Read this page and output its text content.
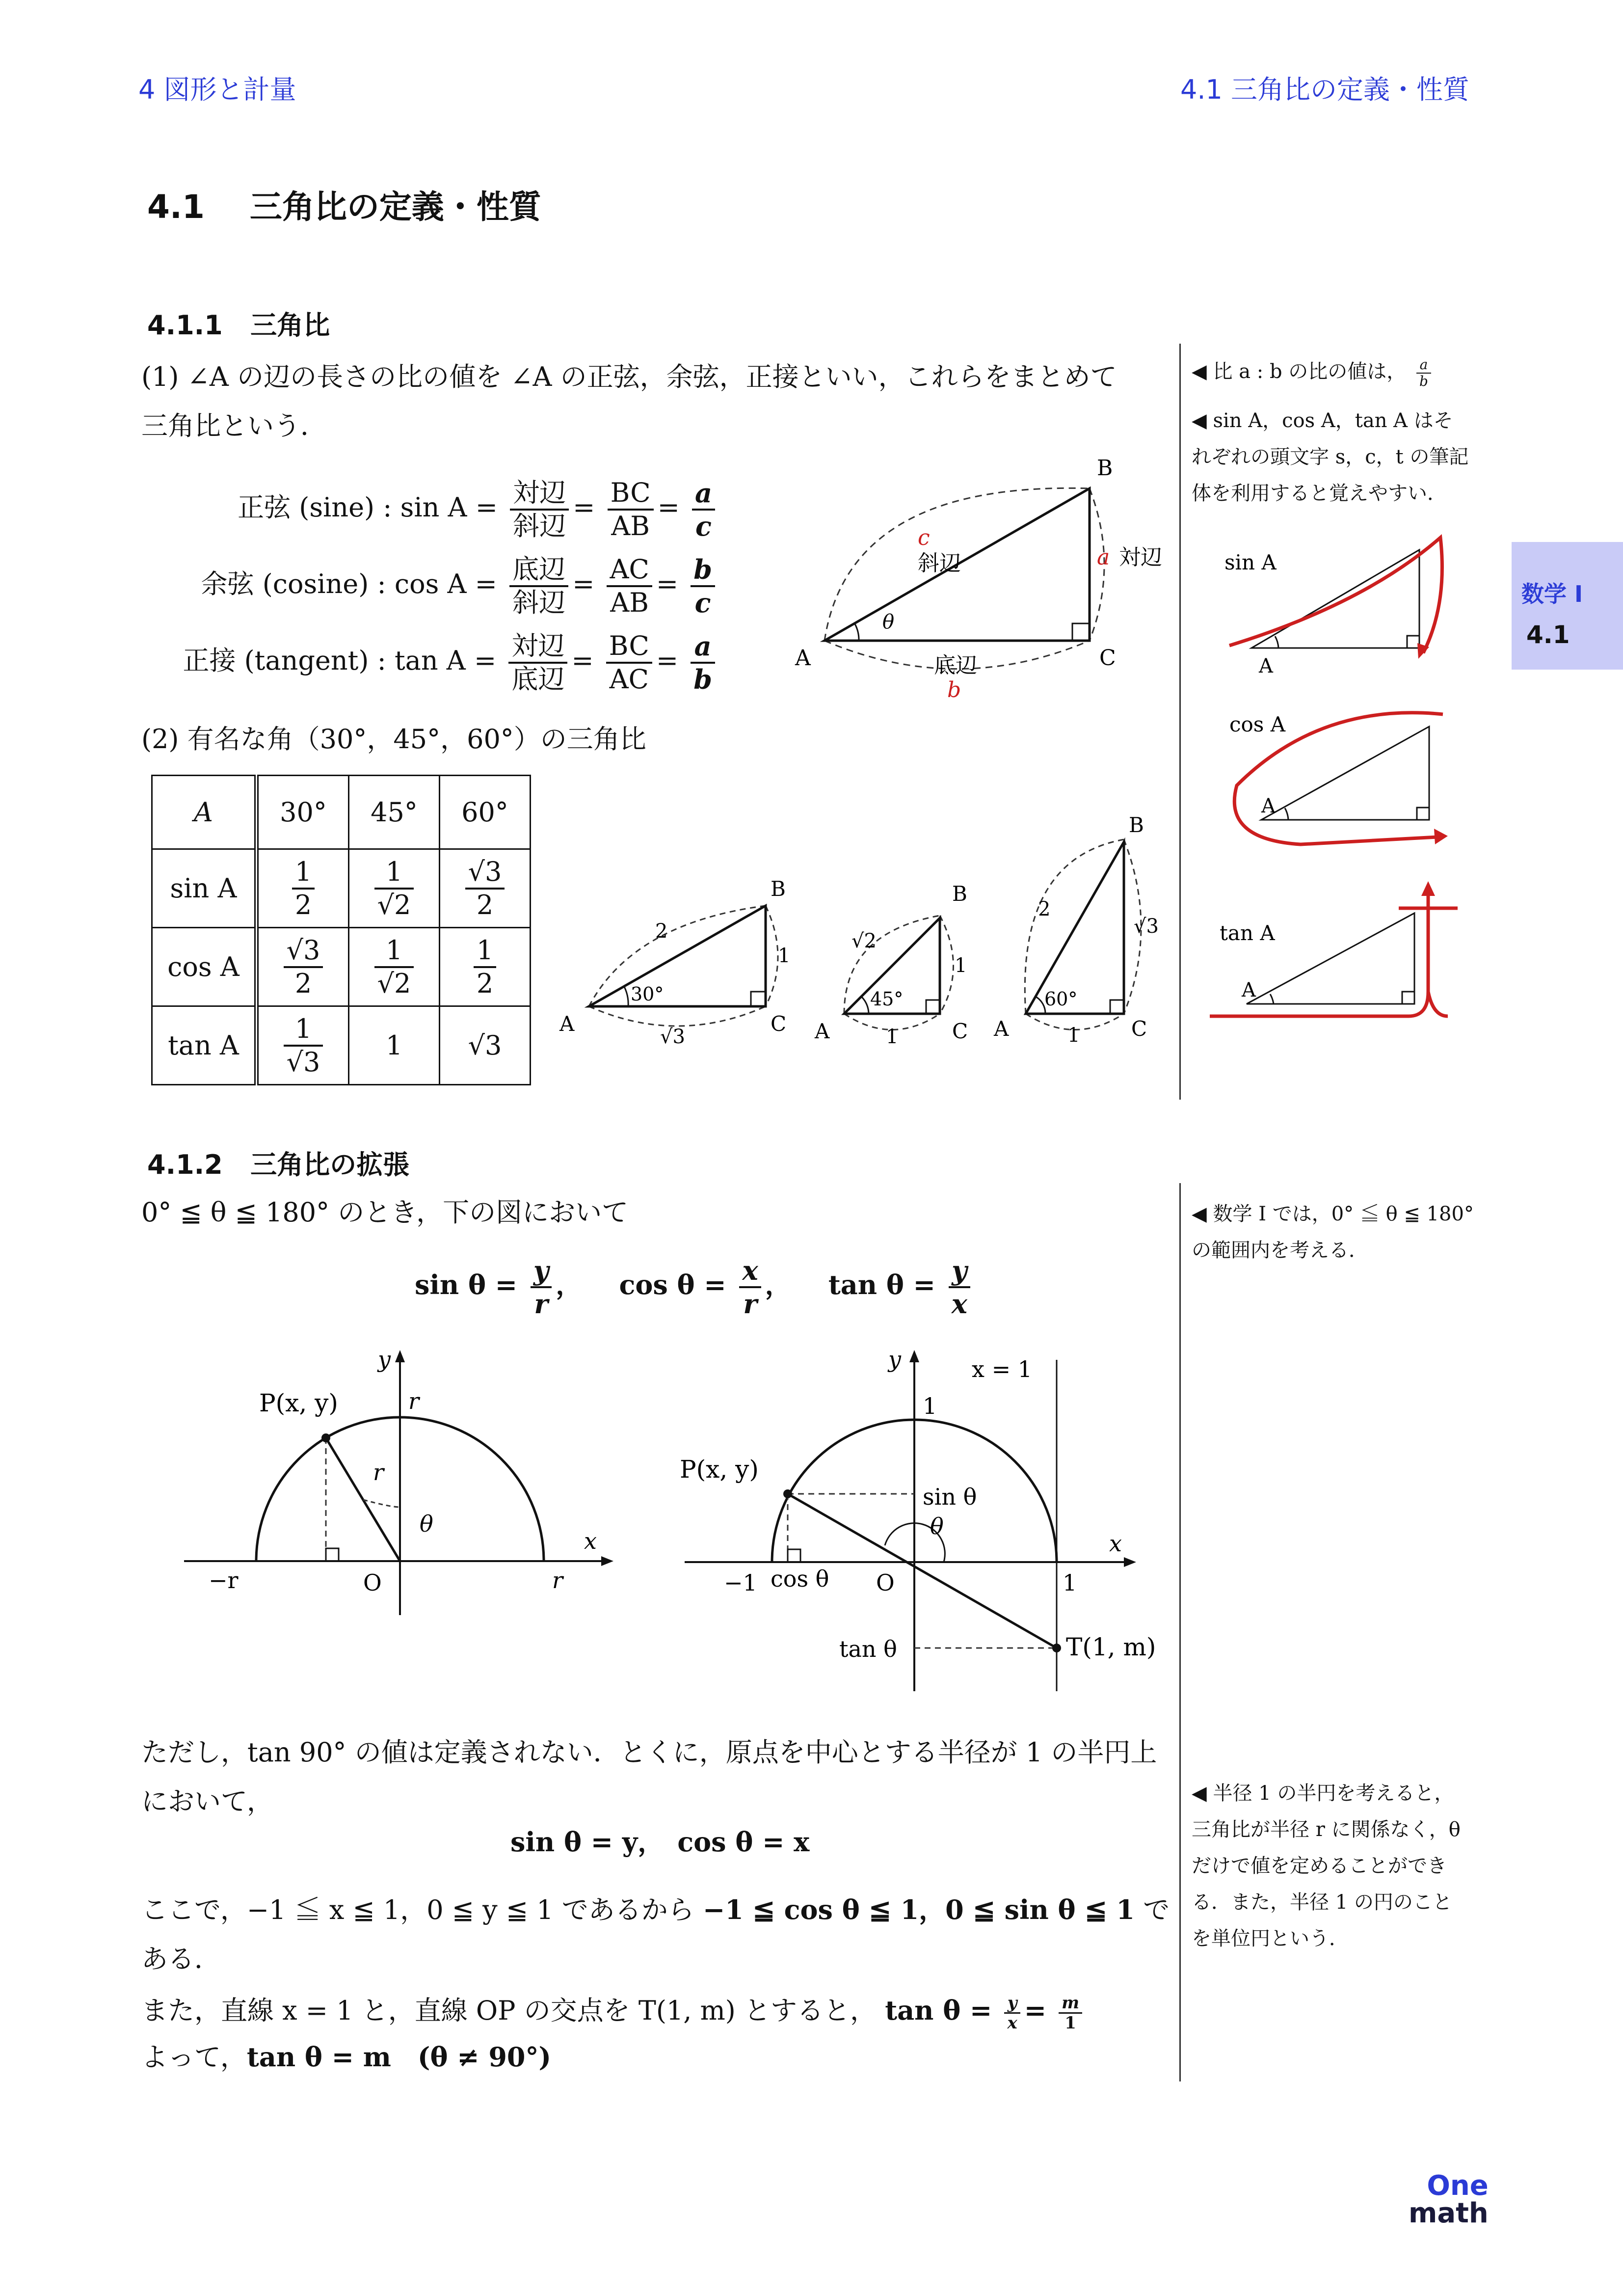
4 図形と計量	4.1 三角比の定義・性質
4.1 三角比の定義・性質
4.1.1 三角比
(1) ∠A の辺の長さの比の値を ∠A の正弦，余弦，正接といい，これらをまとめて
三角比という．
正弦 (sine) : $\sin A = \frac{\text{対辺}}{\text{斜辺}} = \frac{BC}{AB} = \frac{a}{c}$
余弦 (cosine) : $\cos A = \frac{\text{底辺}}{\text{斜辺}} = \frac{AC}{AB} = \frac{b}{c}$
正接 (tangent) : $\tan A = \frac{\text{対辺}}{\text{底辺}} = \frac{BC}{AC} = \frac{a}{b}$	A
B
C
c
斜辺	a 対辺
底辺
b
θ
(2) 有名な角（30°，45°，60°）の三角比
A	30°	45°	60°
sin A	$\frac{1}{2}$	$\frac{1}{√2}$	$\frac{√3}{2}$

cos A	$\frac{√3}{2}$	$\frac{1}{√2}$	$\frac{1}{2}$

tan A	$\frac{1}{√3}$	1	√3
A
B
C
2
1
√3
30°
A
B
C
√2
1
1
45°
A
B
C
2
√3
1
60°
◀ 比 a : b の比の値は， $\frac{a}{b}$
◀ sin A，cos A，tan A はそ
れぞれの頭文字 s，c，t の筆記
体を利用すると覚えやすい．
sin A
A
cos A
A
tan A
A
数学 I
4.1
4.1.2 三角比の拡張
0° ≦ θ ≦ 180° のとき，下の図において
$\sin \theta = \frac{y}{r}$ ， $\cos \theta = \frac{x}{r}$ ， $\tan \theta = \frac{y}{x}$
P(x, y)	r
r
θ
y
x
−r	O	r
P(x, y)
y	x = 1
1
sin θ
θ
x
−1 cos θ O	1
tan θ	T(1, m)
ただし，tan 90° の値は定義されない．とくに，原点を中心とする半径が 1 の半円上
において，
sin θ = y，　cos θ = x
ここで，−1 ≦ x ≦ 1，0 ≦ y ≦ 1 であるから −1 ≦ cos θ ≦ 1，0 ≦ sin θ ≦ 1 で
ある．
また，直線 x = 1 と，直線 OP の交点を T(1, m) とすると， $\tan \theta = \frac{y}{x} = \frac{m}{1}$
よって，tan θ = m　(θ ≠ 90°)
◀ 数学 I では，0° ≦ θ ≦ 180°
の範囲内を考える．
◀ 半径 1 の半円を考えると，
三角比が半径 r に関係なく，θ
だけで値を定めることができ
る．また，半径 1 の円のこと
を単位円という．
One
math
